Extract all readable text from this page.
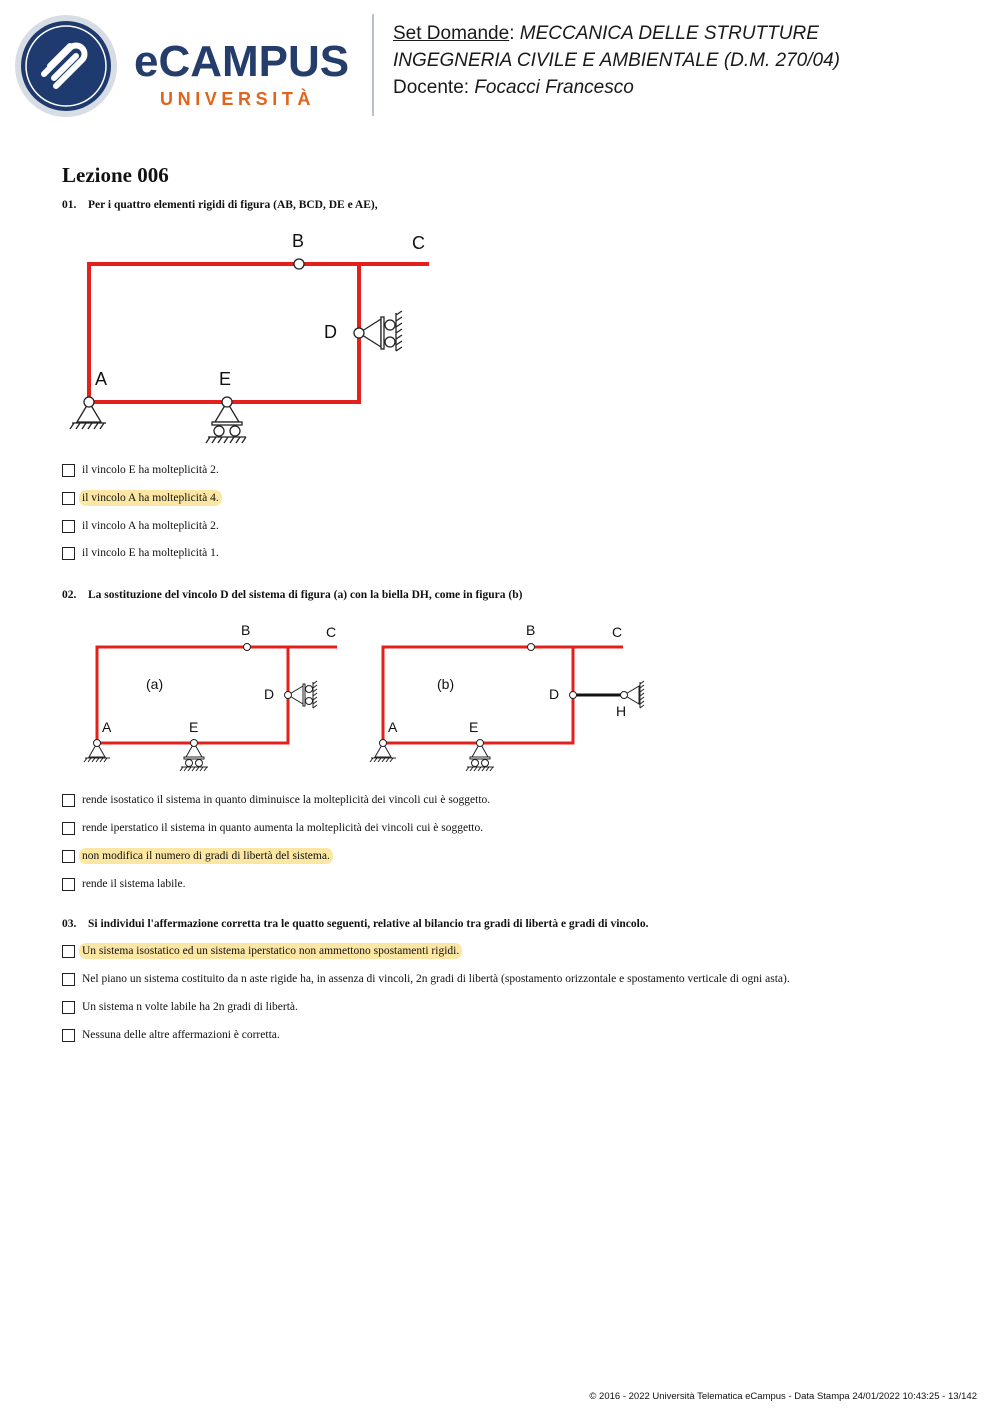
eCAMPUS
UNIVERSITÀ
Set Domande: MECCANICA DELLE STRUTTURE
INGEGNERIA CIVILE E AMBIENTALE (D.M. 270/04)
Docente: Focacci Francesco
Lezione 006
01. Per i quattro elementi rigidi di figura (AB, BCD, DE e AE),
A
B	C
D
E
il vincolo E ha molteplicità 2.
il vincolo A ha molteplicità 4.
il vincolo A ha molteplicità 2.
il vincolo E ha molteplicità 1.
02. La sostituzione del vincolo D del sistema di figura (a) con la biella DH, come in figura (b)
(a)
A
B	C
D
E
(b)
A
B	C
D
E
H
rende isostatico il sistema in quanto diminuisce la molteplicità dei vincoli cui è soggetto.
rende iperstatico il sistema in quanto aumenta la molteplicità dei vincoli cui è soggetto.
non modifica il numero di gradi di libertà del sistema.
rende il sistema labile.
03. Si individui l'affermazione corretta tra le quatto seguenti, relative al bilancio tra gradi di libertà e gradi di vincolo.
Un sistema isostatico ed un sistema iperstatico non ammettono spostamenti rigidi.
Nel piano un sistema costituito da n aste rigide ha, in assenza di vincoli, 2n gradi di libertà (spostamento orizzontale e spostamento verticale di ogni asta).
Un sistema n volte labile ha 2n gradi di libertà.
Nessuna delle altre affermazioni è corretta.
© 2016 - 2022 Università Telematica eCampus - Data Stampa 24/01/2022 10:43:25 - 13/142
